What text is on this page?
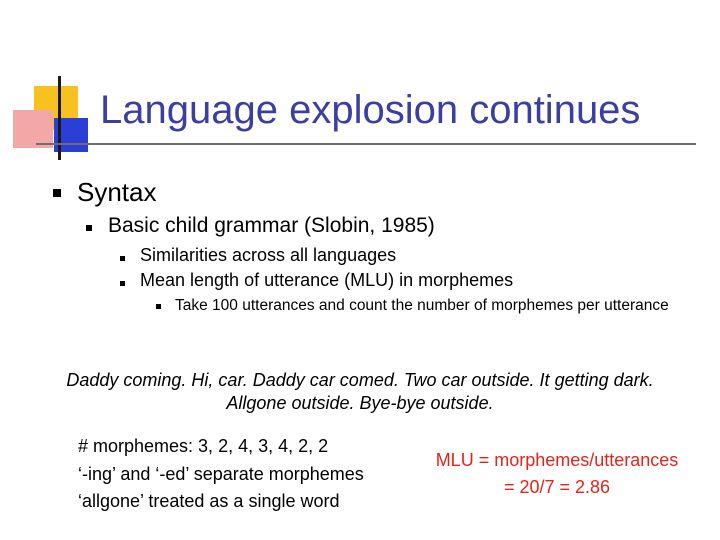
Language explosion continues
Syntax
Basic child grammar (Slobin, 1985)
Similarities across all languages
Mean length of utterance (MLU) in morphemes
Take 100 utterances and count the number of morphemes per utterance
Daddy coming. Hi, car. Daddy car comed. Two car outside. It getting dark. Allgone outside. Bye-bye outside.
# morphemes: 3, 2, 4, 3, 4, 2, 2
‘-ing’ and ‘-ed’ separate morphemes
‘allgone’ treated as a single word
MLU = morphemes/utterances
= 20/7 = 2.86
